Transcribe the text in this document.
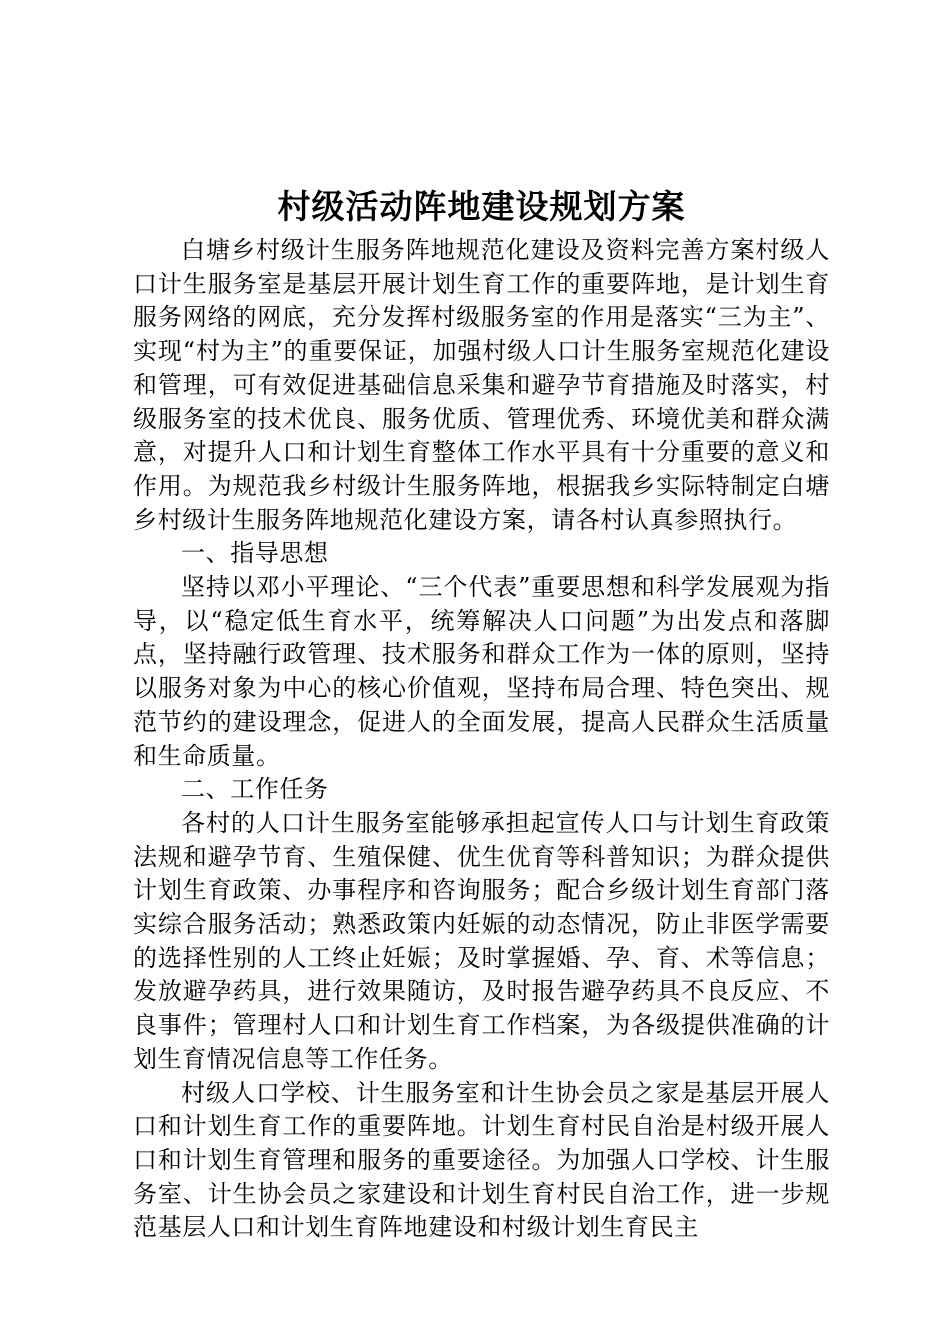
村级活动阵地建设规划方案

白塘乡村级计生服务阵地规范化建设及资料完善方案村级人口计生服务室是基层开展计划生育工作的重要阵地，是计划生育服务网络的网底，充分发挥村级服务室的作用是落实“三为主”、实现“村为主”的重要保证，加强村级人口计生服务室规范化建设和管理，可有效促进基础信息采集和避孕节育措施及时落实，村级服务室的技术优良、服务优质、管理优秀、环境优美和群众满意，对提升人口和计划生育整体工作水平具有十分重要的意义和作用。为规范我乡村级计生服务阵地，根据我乡实际特制定白塘乡村级计生服务阵地规范化建设方案，请各村认真参照执行。

一、指导思想

坚持以邓小平理论、“三个代表”重要思想和科学发展观为指导，以“稳定低生育水平，统筹解决人口问题”为出发点和落脚点，坚持融行政管理、技术服务和群众工作为一体的原则，坚持以服务对象为中心的核心价值观，坚持布局合理、特色突出、规范节约的建设理念，促进人的全面发展，提高人民群众生活质量和生命质量。

二、工作任务

各村的人口计生服务室能够承担起宣传人口与计划生育政策法规和避孕节育、生殖保健、优生优育等科普知识；为群众提供计划生育政策、办事程序和咨询服务；配合乡级计划生育部门落实综合服务活动；熟悉政策内妊娠的动态情况，防止非医学需要的选择性别的人工终止妊娠；及时掌握婚、孕、育、术等信息；发放避孕药具，进行效果随访，及时报告避孕药具不良反应、不良事件；管理村人口和计划生育工作档案，为各级提供准确的计划生育情况信息等工作任务。

村级人口学校、计生服务室和计生协会员之家是基层开展人口和计划生育工作的重要阵地。计划生育村民自治是村级开展人口和计划生育管理和服务的重要途径。为加强人口学校、计生服务室、计生协会员之家建设和计划生育村民自治工作，进一步规范基层人口和计划生育阵地建设和村级计划生育民主
